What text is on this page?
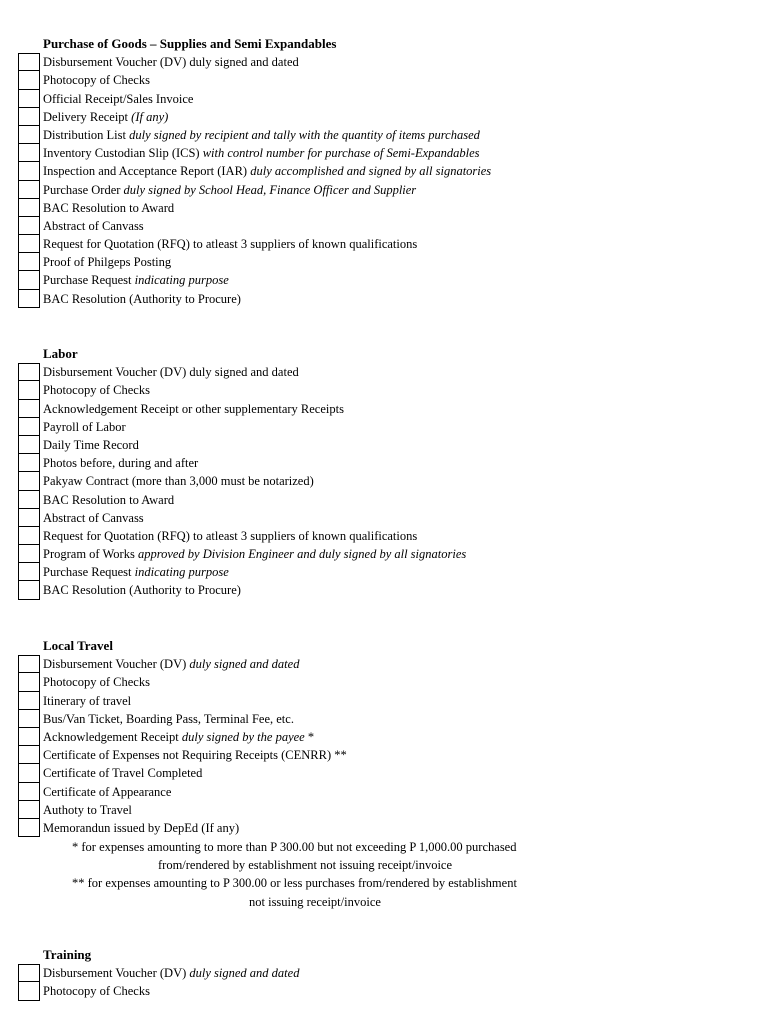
Purchase of Goods – Supplies and Semi Expandables
Disbursement Voucher (DV) duly signed and dated
Photocopy of Checks
Official Receipt/Sales Invoice
Delivery Receipt (If any)
Distribution List duly signed by recipient and tally with the quantity of items purchased
Inventory Custodian Slip (ICS) with control number for purchase of Semi-Expandables
Inspection and Acceptance Report (IAR) duly accomplished and signed by all signatories
Purchase Order duly signed by School Head, Finance Officer and Supplier
BAC Resolution to Award
Abstract of Canvass
Request for Quotation (RFQ) to atleast 3 suppliers of known qualifications
Proof of Philgeps Posting
Purchase Request indicating purpose
BAC Resolution (Authority to Procure)
Labor
Disbursement Voucher (DV) duly signed and dated
Photocopy of Checks
Acknowledgement Receipt or other supplementary Receipts
Payroll of Labor
Daily Time Record
Photos before, during and after
Pakyaw Contract (more than 3,000 must be notarized)
BAC Resolution to Award
Abstract of Canvass
Request for Quotation (RFQ) to atleast 3 suppliers of known qualifications
Program of Works approved by Division Engineer and duly signed by all signatories
Purchase Request indicating purpose
BAC Resolution (Authority to Procure)
Local Travel
Disbursement Voucher (DV) duly signed and dated
Photocopy of Checks
Itinerary of travel
Bus/Van Ticket, Boarding Pass, Terminal Fee, etc.
Acknowledgement Receipt duly signed by the payee *
Certificate of Expenses not Requiring Receipts (CENRR) **
Certificate of Travel Completed
Certificate of Appearance
Authoty to Travel
Memorandun issued by DepEd (If any)
* for expenses amounting to more than P 300.00 but not exceeding P 1,000.00 purchased
from/rendered by establishment not issuing receipt/invoice
** for expenses amounting to P 300.00 or less purchases from/rendered by establishment
not issuing receipt/invoice
Training
Disbursement Voucher (DV) duly signed and dated
Photocopy of Checks
